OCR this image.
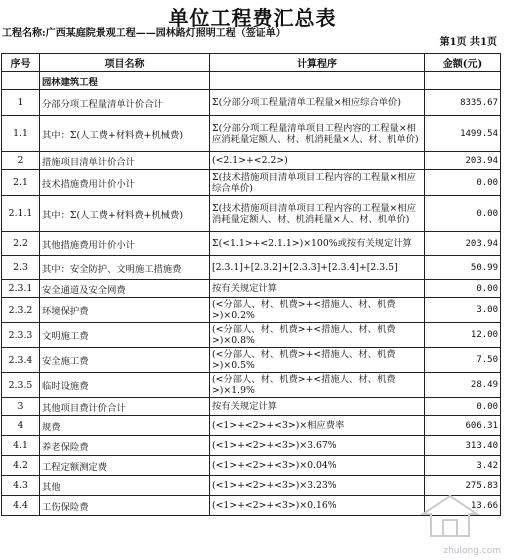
单位工程费汇总表
工程名称:广西某庭院景观工程——园林路灯照明工程（签证单）
第1页 共1页
序号	项目名称	计算程序	金额(元)
	园林建筑工程		
1	分部分项工程量清单计价合计	Σ(分部分项工程量清单工程量×相应综合单价)	8335.67
1.1	其中：Σ(人工费+材料费+机械费)	Σ(分部分项工程量清单项目工程内容的工程量×相应消耗量定额人、材、机消耗量×人、材、机单价)	1499.54
2	措施项目清单计价合计	(<2.1>+<2.2>)	203.94
2.1	技术措施费用计价小计	Σ(技术措施项目清单项目工程内容的工程量×相应综合单价)	0.00
2.1.1	其中：Σ(人工费+材料费+机械费)	Σ(技术措施项目清单项目工程内容的工程量×相应消耗量定额人、材、机消耗量×人、材、机单价)	0.00
2.2	其他措施费用计价小计	Σ(<1.1>+<2.1.1>)×100%或按有关规定计算	203.94
2.3	其中：安全防护、文明施工措施费	[2.3.1]+[2.3.2]+[2.3.3]+[2.3.4]+[2.3.5]	50.99
2.3.1	安全通道及安全网费	按有关规定计算	0.00
2.3.2	环境保护费	(<分部人、材、机费>+<措施人、材、机费>)×0.2%	3.00
2.3.3	文明施工费	(<分部人、材、机费>+<措施人、材、机费>)×0.8%	12.00
2.3.4	安全施工费	(<分部人、材、机费>+<措施人、材、机费>)×0.5%	7.50
2.3.5	临时设施费	(<分部人、材、机费>+<措施人、材、机费>)×1.9%	28.49
3	其他项目费计价合计	按有关规定计算	0.00
4	规费	(<1>+<2>+<3>)×相应费率	606.31
4.1	养老保险费	(<1>+<2>+<3>)×3.67%	313.40
4.2	工程定额测定费	(<1>+<2>+<3>)×0.04%	3.42
4.3	其他	(<1>+<2>+<3>)×3.23%	275.83
4.4	工伤保险费	(<1>+<2>+<3>)×0.16%	13.66
zhulong.com
